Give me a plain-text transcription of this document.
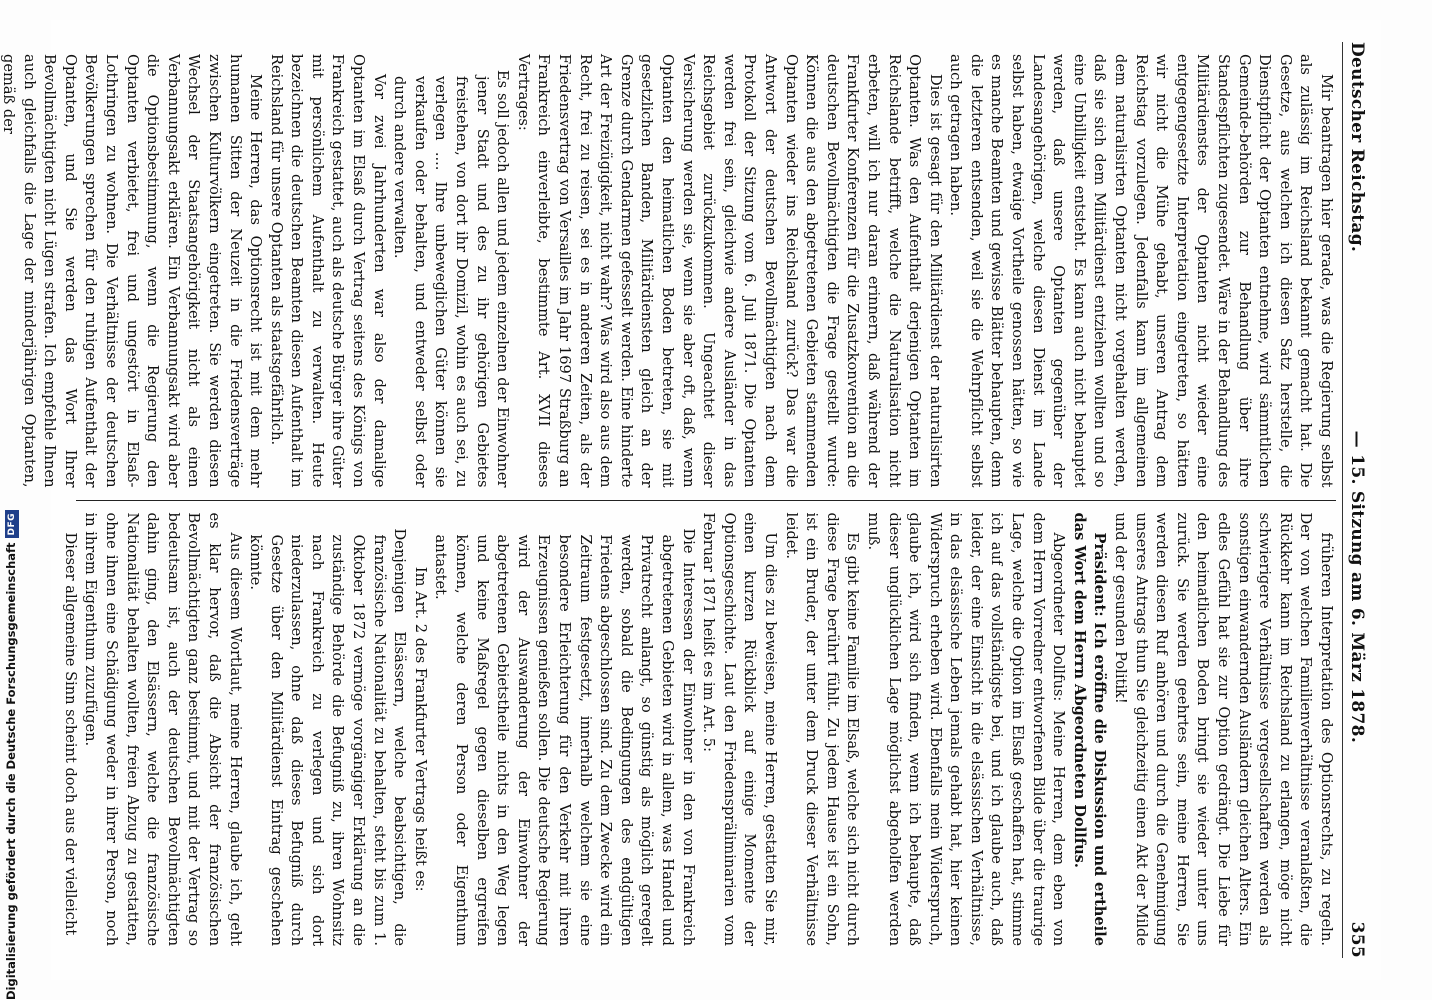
Deutscher Reichstag.
— 15. Sitzung am 6. März 1878.
355

Mir beantragen hier gerade, was die Regierung selbst als zulässig im Reichsland bekannt gemacht hat. Die Gesetze, aus welchen ich diesen Satz herstelle, die Dienstpflicht der Optanten entnehme, wird sämmtlichen Gemeinde-behörden zur Behandlung über ihre Standespflichten zugesendet. Wäre in der Behandlung des Militärdienstes der Optanten nicht wieder eine entgegengesetzte Interpretation eingetreten, so hätten wir nicht die Mühe gehabt, unseren Antrag dem Reichstag vorzulegen. Jedenfalls kann im allgemeinen dem naturalisirten Optanten nicht vorgehalten werden, daß sie sich dem Militärdienst entziehen wollten und so eine Unbilligkeit entsteht. Es kann auch nicht behauptet werden, daß unsere Optanten gegenüber der Landesangehörigen, welche diesen Dienst im Lande selbst haben, etwaige Vortheile genossen hätten, so wie es manche Beamten und gewisse Blätter behaupten, denn die letzteren entsenden, weil sie die Wehrpflicht selbst auch getragen haben.

Dies ist gesagt für den Militärdienst der naturalisirten Optanten. Was den Aufenthalt derjenigen Optanten im Reichslande betrifft, welche die Naturalisation nicht erbeten, will ich nur daran erinnern, daß während der Frankfurter Konferenzen für die Zusatzkonvention an die deutschen Bevollmächtigten die Frage gestellt wurde: Können die aus den abgetretenen Gebieten stammenden Optanten wieder ins Reichsland zurück? Das war die Antwort der deutschen Bevollmächtigten nach dem Protokoll der Sitzung vom 6. Juli 1871. Die Optanten werden frei sein, gleichwie andere Ausländer in das Reichsgebiet zurückzukommen. Ungeachtet dieser Versicherung werden sie, wenn sie aber oft, daß, wenn Optanten den heimatlichen Boden betreten, sie mit gesetzlichen Banden, Militärdiensten gleich an der Grenze durch Gendarmen gefesselt werden. Eine hinderte Art der Freizügigkeit, nicht wahr? Was wird also aus dem Recht, frei zu reisen, sei es in anderen Zeiten, als der Friedensvertrag von Versailles im Jahr 1697 Straßburg an Frankreich einverleibte, bestimmte Art. XVII dieses Vertrages:

Es soll jedoch allen und jedem einzelnen der Einwohner jener Stadt und des zu ihr gehörigen Gebietes freistehen, von dort ihr Domizil, wohin es auch sei, zu verlegen .... Ihre unbeweglichen Güter können sie verkaufen oder behalten, und entweder selbst oder durch andere verwalten.

Vor zwei Jahrhunderten war also der damalige Optanten im Elsaß durch Vertrag seitens des Königs von Frankreich gestattet, auch als deutsche Bürger ihre Güter mit persönlichem Aufenthalt zu verwalten. Heute bezeichnen die deutschen Beamten diesen Aufenthalt im Reichsland für unsere Optanten als staatsgefährlich.

Meine Herren, das Optionsrecht ist mit dem mehr humanen Sitten der Neuzeit in die Friedensverträge zwischen Kulturvölkern eingetreten. Sie werden diesen Wechsel der Staatsangehörigkeit nicht als einen Verbannungsakt erklären. Ein Verbannungsakt wird aber die Optionsbestimmung, wenn die Regierung den Optanten verbietet, frei und ungestört in Elsaß-Lothringen zu wohnen. Die Verhältnisse der deutschen Bevölkerungen sprechen für den ruhigen Aufenthalt der Optanten, und Sie werden das Wort Ihrer Bevollmächtigten nicht Lügen strafen. Ich empfehle Ihnen auch gleichfalls die Lage der minderjährigen Optanten, gemäß der

früheren Interpretation des Optionsrechts, zu regeln. Der von welchen Familienverhältnisse veranlaßten, die Rückkehr kann im Reichsland zu erlangen, möge nicht schwierigere Verhältnisse vergesellschaften werden als sonstigen einwandernden Ausländern gleichen Alters. Ein edles Gefühl hat sie zur Option gedrängt. Die Liebe für den heimatlichen Boden bringt sie wieder unter uns zurück. Sie werden geehrtes sein, meine Herren, Sie werden diesen Ruf anhören und durch die Genehmigung unseres Antrags thun Sie gleichzeitig einen Akt der Milde und der gesunden Politik!

Präsident: Ich eröffne die Diskussion und ertheile das Wort dem Herrn Abgeordneten Dollfus.

Abgeordneter Dollfus: Meine Herren, dem eben von dem Herrn Vorredner entworfenen Bilde über die traurige Lage, welche die Option im Elsaß geschaffen hat, stimme ich auf das vollständigste bei, und ich glaube auch, daß leider, der eine Einsicht in die elsässischen Verhältnisse, in das elsässische Leben jemals gehabt hat, hier keinen Widerspruch erheben wird. Ebenfalls mein Widerspruch, glaube ich, wird sich finden, wenn ich behaupte, daß dieser unglücklichen Lage möglichst abgeholfen werden muß.

Es gibt keine Familie im Elsaß, welche sich nicht durch diese Frage berührt fühlt. Zu jedem Hause ist ein Sohn, ist ein Bruder, der unter dem Druck dieser Verhältnisse leidet.

Um dies zu beweisen, meine Herren, gestatten Sie mir, einen kurzen Rückblick auf einige Momente der Optionsgeschichte. Laut den Friedenspräliminarien vom Februar 1871 heißt es im Art. 5:

Die Interessen der Einwohner in den von Frankreich abgetretenen Gebieten wird in allem, was Handel und Privatrecht anlangt, so günstig als möglich geregelt werden, sobald die Bedingungen des endgültigen Friedens abgeschlossen sind. Zu dem Zwecke wird ein Zeitraum festgesetzt, innerhalb welchem sie eine besondere Erleichterung für den Verkehr mit ihren Erzeugnissen genießen sollen. Die deutsche Regierung wird der Auswanderung der Einwohner der abgetretenen Gebietstheile nichts in den Weg legen und keine Maßregel gegen dieselben ergreifen können, welche deren Person oder Eigenthum antastet.

Im Art. 2 des Frankfurter Vertrags heißt es:

Denjenigen Elsässern, welche beabsichtigen, die französische Nationalität zu behalten, steht bis zum 1. Oktober 1872 vermöge vorgängiger Erklärung an die zuständige Behörde die Befugniß zu, ihren Wohnsitz nach Frankreich zu verlegen und sich dort niederzulassen, ohne daß dieses Befugniß durch Gesetze über den Militärdienst Eintrag geschehen könnte.

Aus diesem Wortlaut, meine Herren, glaube ich, geht es klar hervor, daß die Absicht der französischen Bevollmächtigten ganz bestimmt, und mit der Vertrag so bedeutsam ist, auch der deutschen Bevollmächtigten dahin ging, den Elsässern, welche die französische Nationalität behalten wollten, freien Abzug zu gestatten, ohne ihnen eine Schädigung weder in ihrer Person, noch in ihrem Eigenthum zuzufügen.

Dieser allgemeine Sinn scheint doch aus der vielleicht

Digitalisierung gefördert durch die Deutsche ForschungsgemeinschaftDFG
